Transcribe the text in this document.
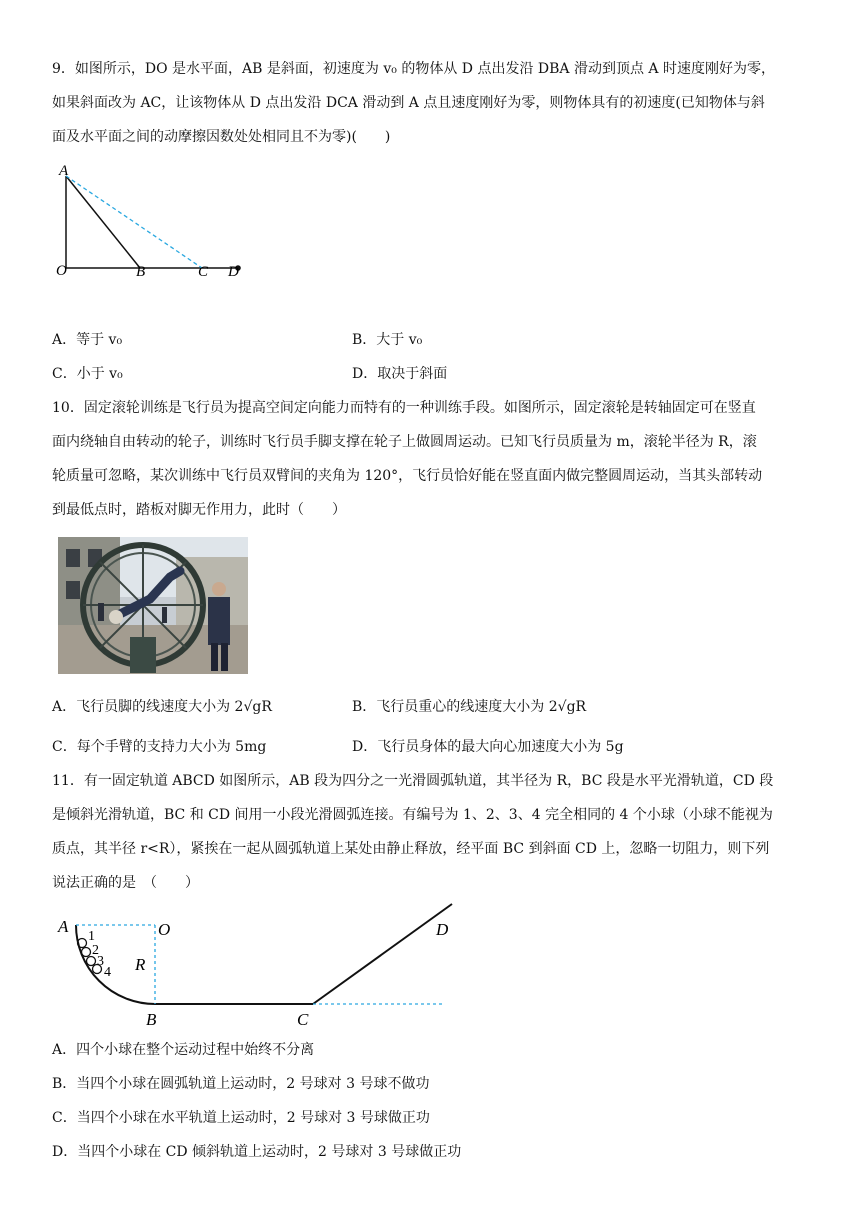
9．如图所示，DO 是水平面，AB 是斜面，初速度为 v₀ 的物体从 D 点出发沿 DBA 滑动到顶点 A 时速度刚好为零，
如果斜面改为 AC，让该物体从 D 点出发沿 DCA 滑动到 A 点且速度刚好为零，则物体具有的初速度(已知物体与斜
面及水平面之间的动摩擦因数处处相同且不为零)(　　)
A
O	B	C D
A．等于 v₀	B．大于 v₀
C．小于 v₀	D．取决于斜面
10．固定滚轮训练是飞行员为提高空间定向能力而特有的一种训练手段。如图所示，固定滚轮是转轴固定可在竖直
面内绕轴自由转动的轮子，训练时飞行员手脚支撑在轮子上做圆周运动。已知飞行员质量为 m，滚轮半径为 R，滚
轮质量可忽略，某次训练中飞行员双臂间的夹角为 120°，飞行员恰好能在竖直面内做完整圆周运动，当其头部转动
到最低点时，踏板对脚无作用力，此时（　　）
A．飞行员脚的线速度大小为 2√gR	B．飞行员重心的线速度大小为 2√gR
C．每个手臂的支持力大小为 5mg	D．飞行员身体的最大向心加速度大小为 5g
11．有一固定轨道 ABCD 如图所示，AB 段为四分之一光滑圆弧轨道，其半径为 R，BC 段是水平光滑轨道，CD 段
是倾斜光滑轨道，BC 和 CD 间用一小段光滑圆弧连接。有编号为 1、2、3、4 完全相同的 4 个小球（小球不能视为
质点，其半径 r<R），紧挨在一起从圆弧轨道上某处由静止释放，经平面 BC 到斜面 CD 上，忽略一切阻力，则下列
说法正确的是　（　　）
1
2
3
4
A	O
R
B	C
D
A．四个小球在整个运动过程中始终不分离
B．当四个小球在圆弧轨道上运动时，2 号球对 3 号球不做功
C．当四个小球在水平轨道上运动时，2 号球对 3 号球做正功
D．当四个小球在 CD 倾斜轨道上运动时，2 号球对 3 号球做正功
